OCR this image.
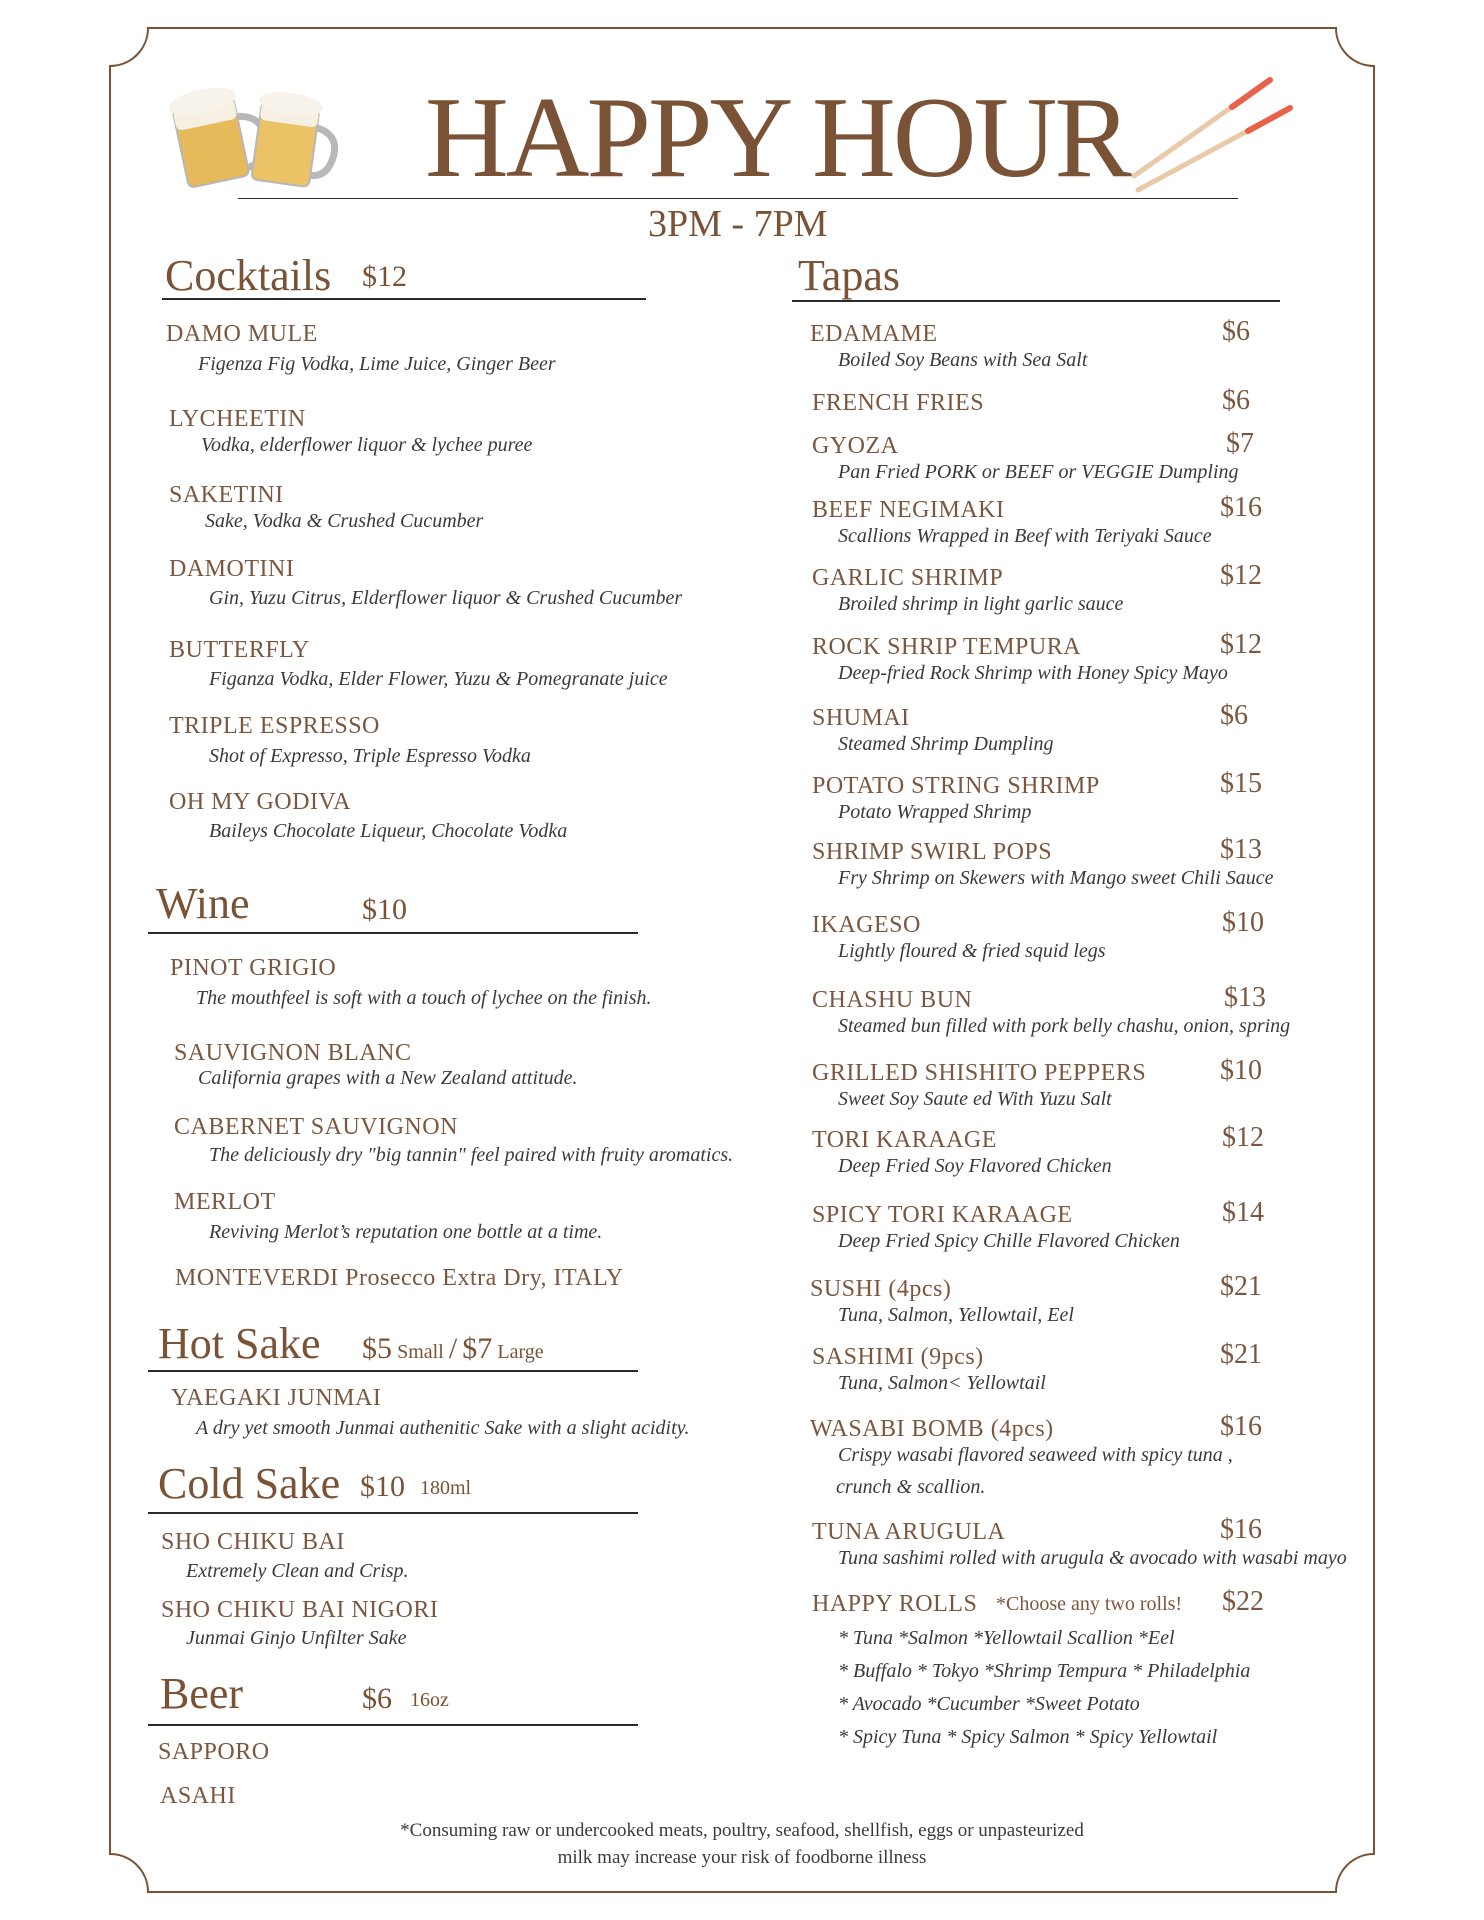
HAPPY HOUR
3PM - 7PM
Cocktails $12
DAMO MULE
Figenza Fig Vodka, Lime Juice, Ginger Beer
LYCHEETIN
Vodka, elderflower liquor & lychee puree
SAKETINI
Sake, Vodka & Crushed Cucumber
DAMOTINI
Gin, Yuzu Citrus, Elderflower liquor & Crushed Cucumber
BUTTERFLY
Figanza Vodka, Elder Flower, Yuzu & Pomegranate juice
TRIPLE ESPRESSO
Shot of Expresso, Triple Espresso Vodka
OH MY GODIVA
Baileys Chocolate Liqueur, Chocolate Vodka
Wine	$10
PINOT GRIGIO
The mouthfeel is soft with a touch of lychee on the finish.
SAUVIGNON BLANC
California grapes with a New Zealand attitude.
CABERNET SAUVIGNON
The deliciously dry "big tannin" feel paired with fruity aromatics.
MERLOT
Reviving Merlot’s reputation one bottle at a time.
MONTEVERDI Prosecco Extra Dry, ITALY
Hot Sake $5 Small / $7 Large
YAEGAKI JUNMAI
A dry yet smooth Junmai authenitic Sake with a slight acidity.
Cold Sake $10 180ml
SHO CHIKU BAI
Extremely Clean and Crisp.
SHO CHIKU BAI NIGORI
Junmai Ginjo Unfilter Sake
Beer	$6 16oz
SAPPORO
ASAHI
Tapas
EDAMAME	$6
Boiled Soy Beans with Sea Salt
FRENCH FRIES	$6
GYOZA	$7
Pan Fried PORK or BEEF or VEGGIE Dumpling
BEEF NEGIMAKI	$16
Scallions Wrapped in Beef with Teriyaki Sauce
GARLIC SHRIMP	$12
Broiled shrimp in light garlic sauce
ROCK SHRIP TEMPURA	$12
Deep-fried Rock Shrimp with Honey Spicy Mayo
SHUMAI	$6
Steamed Shrimp Dumpling
POTATO STRING SHRIMP	$15
Potato Wrapped Shrimp
SHRIMP SWIRL POPS	$13
Fry Shrimp on Skewers with Mango sweet Chili Sauce
IKAGESO	$10
Lightly floured & fried squid legs
CHASHU BUN	$13
Steamed bun filled with pork belly chashu, onion, spring
GRILLED SHISHITO PEPPERS	$10
Sweet Soy Saute ed With Yuzu Salt
TORI KARAAGE	$12
Deep Fried Soy Flavored Chicken
SPICY TORI KARAAGE	$14
Deep Fried Spicy Chille Flavored Chicken
SUSHI (4pcs)	$21
Tuna, Salmon, Yellowtail, Eel
SASHIMI (9pcs)	$21
Tuna, Salmon< Yellowtail
WASABI BOMB (4pcs)	$16
Crispy wasabi flavored seaweed with spicy tuna ,
crunch & scallion.
TUNA ARUGULA	$16
Tuna sashimi rolled with arugula & avocado with wasabi mayo
HAPPY ROLLS *Choose any two rolls! $22
* Tuna *Salmon *Yellowtail Scallion *Eel
* Buffalo * Tokyo *Shrimp Tempura * Philadelphia
* Avocado *Cucumber *Sweet Potato
* Spicy Tuna * Spicy Salmon * Spicy Yellowtail
*Consuming raw or undercooked meats, poultry, seafood, shellfish, eggs or unpasteurized
milk may increase your risk of foodborne illness
